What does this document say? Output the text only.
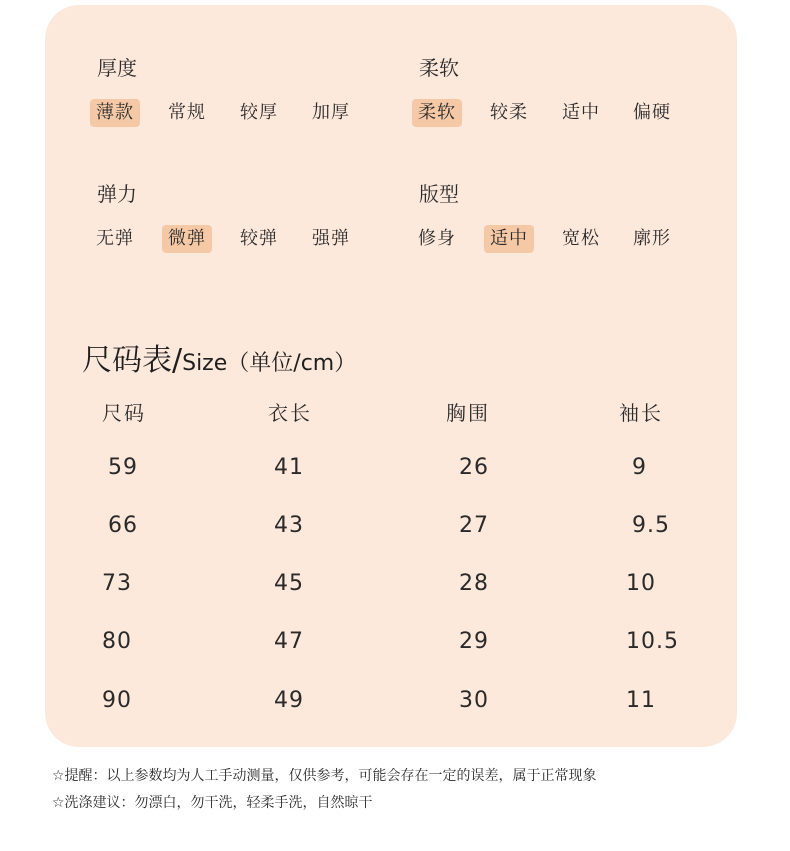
厚度
薄款	常规	较厚	加厚
柔软
柔软	较柔	适中	偏硬
弹力
无弹	微弹	较弹	强弹
版型
修身	适中	宽松	廓形
尺码表/Size（单位/cm）
尺码	衣长	胸围	袖长
59	41	26	9
66	43	27	9.5
73	45	28	10
80	47	29	10.5
90	49	30	11
☆提醒：以上参数均为人工手动测量，仅供参考，可能会存在一定的误差，属于正常现象
☆洗涤建议：勿漂白，勿干洗，轻柔手洗，自然晾干
